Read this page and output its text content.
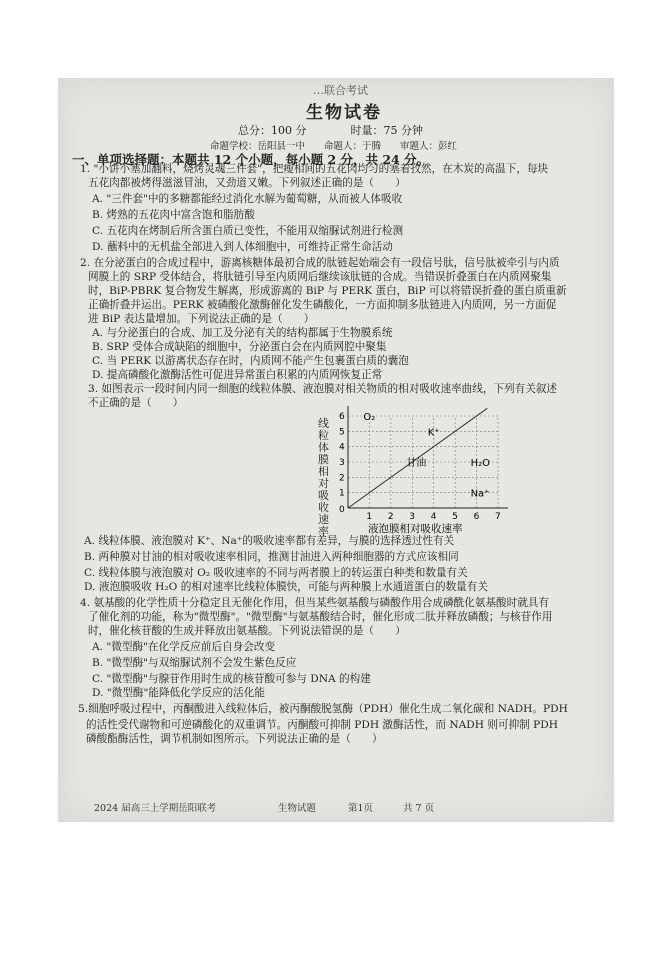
…联合考试
生物试卷
总分：100 分　　　　时量：75 分钟
命题学校：岳阳县一中　　命题人：于腾　　审题人：彭红
一、单项选择题：本题共 12 个小题，每小题 2 分，共 24 分。
1. "小饼小塞加翻料，烧烤灵魂三件套"，把瘦相间的五花肉均匀的塞着孜然，在木炭的高温下，每块
五花肉都被烤得滋滋冒油，又劲道又嫩。下列叙述正确的是（　　）
A. "三件套"中的多糖都能经过消化水解为葡萄糖，从而被人体吸收
B. 烤熟的五花肉中富含饱和脂肪酸
C. 五花肉在烤制后所含蛋白质已变性，不能用双缩脲试剂进行检测
D. 蘸料中的无机盐全部进入到人体细胞中，可维持正常生命活动
2. 在分泌蛋白的合成过程中，游离核糖体最初合成的肽链起始端会有一段信号肽，信号肽被牵引与内质
网膜上的 SRP 受体结合，将肽链引导至内质网后继续该肽链的合成。当错误折叠蛋白在内质网聚集
时，BiP-PBRK 复合物发生解离，形成游离的 BiP 与 PERK 蛋白，BiP 可以将错误折叠的蛋白质重新
正确折叠并运出。PERK 被磷酸化激酶催化发生磷酸化，一方面抑制多肽链进入内质网，另一方面促
进 BiP 表达量增加。下列说法正确的是（　　）
A. 与分泌蛋白的合成、加工及分泌有关的结构都属于生物膜系统
B. SRP 受体合成缺陷的细胞中，分泌蛋白会在内质网腔中聚集
C. 当 PERK 以游离状态存在时，内质网不能产生包裹蛋白质的囊泡
D. 提高磷酸化激酶活性可促进异常蛋白积累的内质网恢复正常
3. 如图表示一段时间内同一细胞的线粒体膜、液泡膜对相关物质的相对吸收速率曲线，下列有关叙述
不正确的是（　　）
A. 线粒体膜、液泡膜对 K⁺、Na⁺的吸收速率都有差异，与膜的选择透过性有关
B. 两种膜对甘油的相对吸收速率相同，推测甘油进入两种细胞器的方式应该相同
C. 线粒体膜与液泡膜对 O₂ 吸收速率的不同与两者膜上的转运蛋白种类和数量有关
D. 液泡膜吸收 H₂O 的相对速率比线粒体膜快，可能与两种膜上水通道蛋白的数量有关
4. 氨基酸的化学性质十分稳定且无催化作用，但当某些氨基酸与磷酸作用合成磷酰化氨基酸时就具有
了催化剂的功能，称为"微型酶"。"微型酶"与氨基酸结合时，催化形成二肽并释放磷酸；与核苷作用
时，催化核苷酸的生成并释放出氨基酸。下列说法错误的是（　　）
A. "微型酶"在化学反应前后自身会改变
B. "微型酶"与双缩脲试剂不会发生紫色反应
C. "微型酶"与腺苷作用时生成的核苷酸可参与 DNA 的构建
D. "微型酶"能降低化学反应的活化能
5.细胞呼吸过程中，丙酮酸进入线粒体后，被丙酮酸脱氢酶（PDH）催化生成二氧化碳和 NADH。PDH
的活性受代谢物和可逆磷酸化的双重调节。丙酮酸可抑制 PDH 激酶活性，而 NADH 则可抑制 PDH
磷酸酯酶活性，调节机制如图所示。下列说法正确的是（　　）
线粒体膜相对吸收速率
1 2 3 4 5 6 7
1
2
3
4
5
6
0
O₂
K⁺
甘油	H₂O
Na⁺
液泡膜相对吸收速率
2024 届高三上学期岳阳联考	生物试题	第1页	共 7 页
